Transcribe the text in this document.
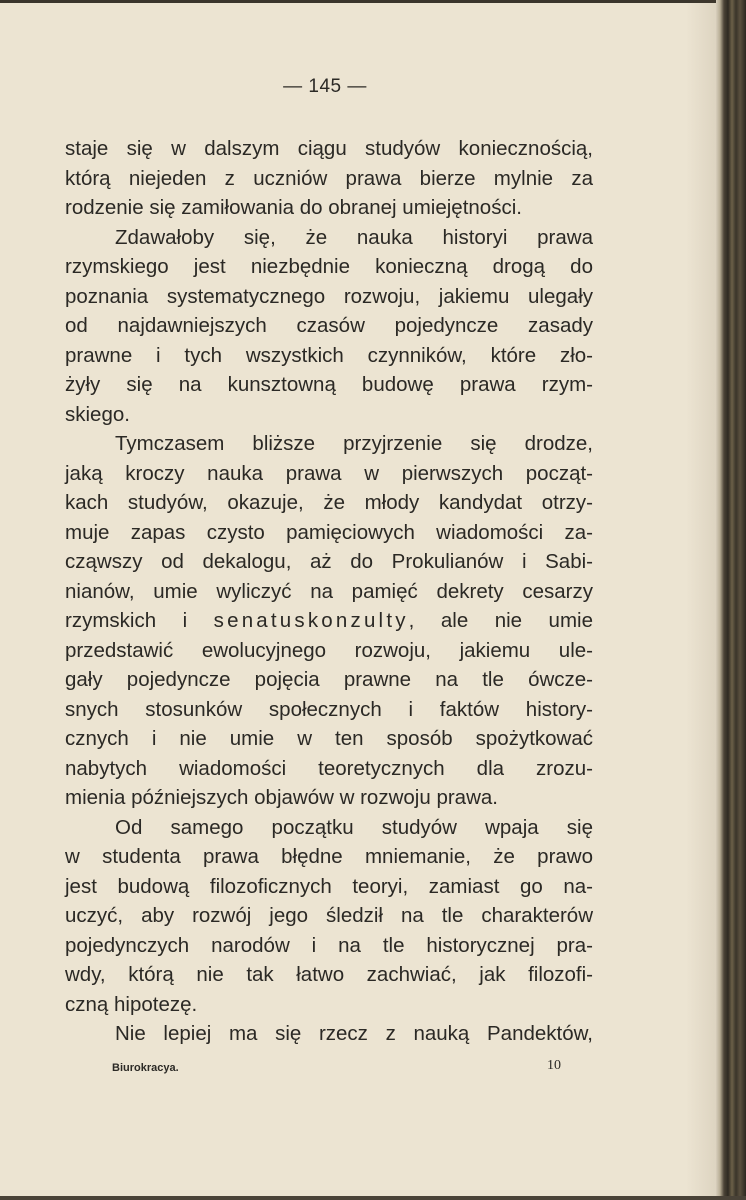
— 145 —
staje się w dalszym ciągu studyów koniecznością,
którą niejeden z uczniów prawa bierze mylnie za
rodzenie się zamiłowania do obranej umiejętności.
Zdawałoby się, że nauka historyi prawa
rzymskiego jest niezbędnie konieczną drogą do
poznania systematycznego rozwoju, jakiemu ulegały
od najdawniejszych czasów pojedyncze zasady
prawne i tych wszystkich czynników, które zło-
żyły się na kunsztowną budowę prawa rzym-
skiego.
Tymczasem bliższe przyjrzenie się drodze,
jaką kroczy nauka prawa w pierwszych począt-
kach studyów, okazuje, że młody kandydat otrzy-
muje zapas czysto pamięciowych wiadomości za-
cząwszy od dekalogu, aż do Prokulianów i Sabi-
nianów, umie wyliczyć na pamięć dekrety cesarzy
rzymskich i senatuskonzulty, ale nie umie
przedstawić ewolucyjnego rozwoju, jakiemu ule-
gały pojedyncze pojęcia prawne na tle ówcze-
snych stosunków społecznych i faktów history-
cznych i nie umie w ten sposób spożytkować
nabytych wiadomości teoretycznych dla zrozu-
mienia późniejszych objawów w rozwoju prawa.
Od samego początku studyów wpaja się
w studenta prawa błędne mniemanie, że prawo
jest budową filozoficznych teoryi, zamiast go na-
uczyć, aby rozwój jego śledził na tle charakterów
pojedynczych narodów i na tle historycznej pra-
wdy, którą nie tak łatwo zachwiać, jak filozofi-
czną hipotezę.
Nie lepiej ma się rzecz z nauką Pandektów,
Biurokracya.	10
